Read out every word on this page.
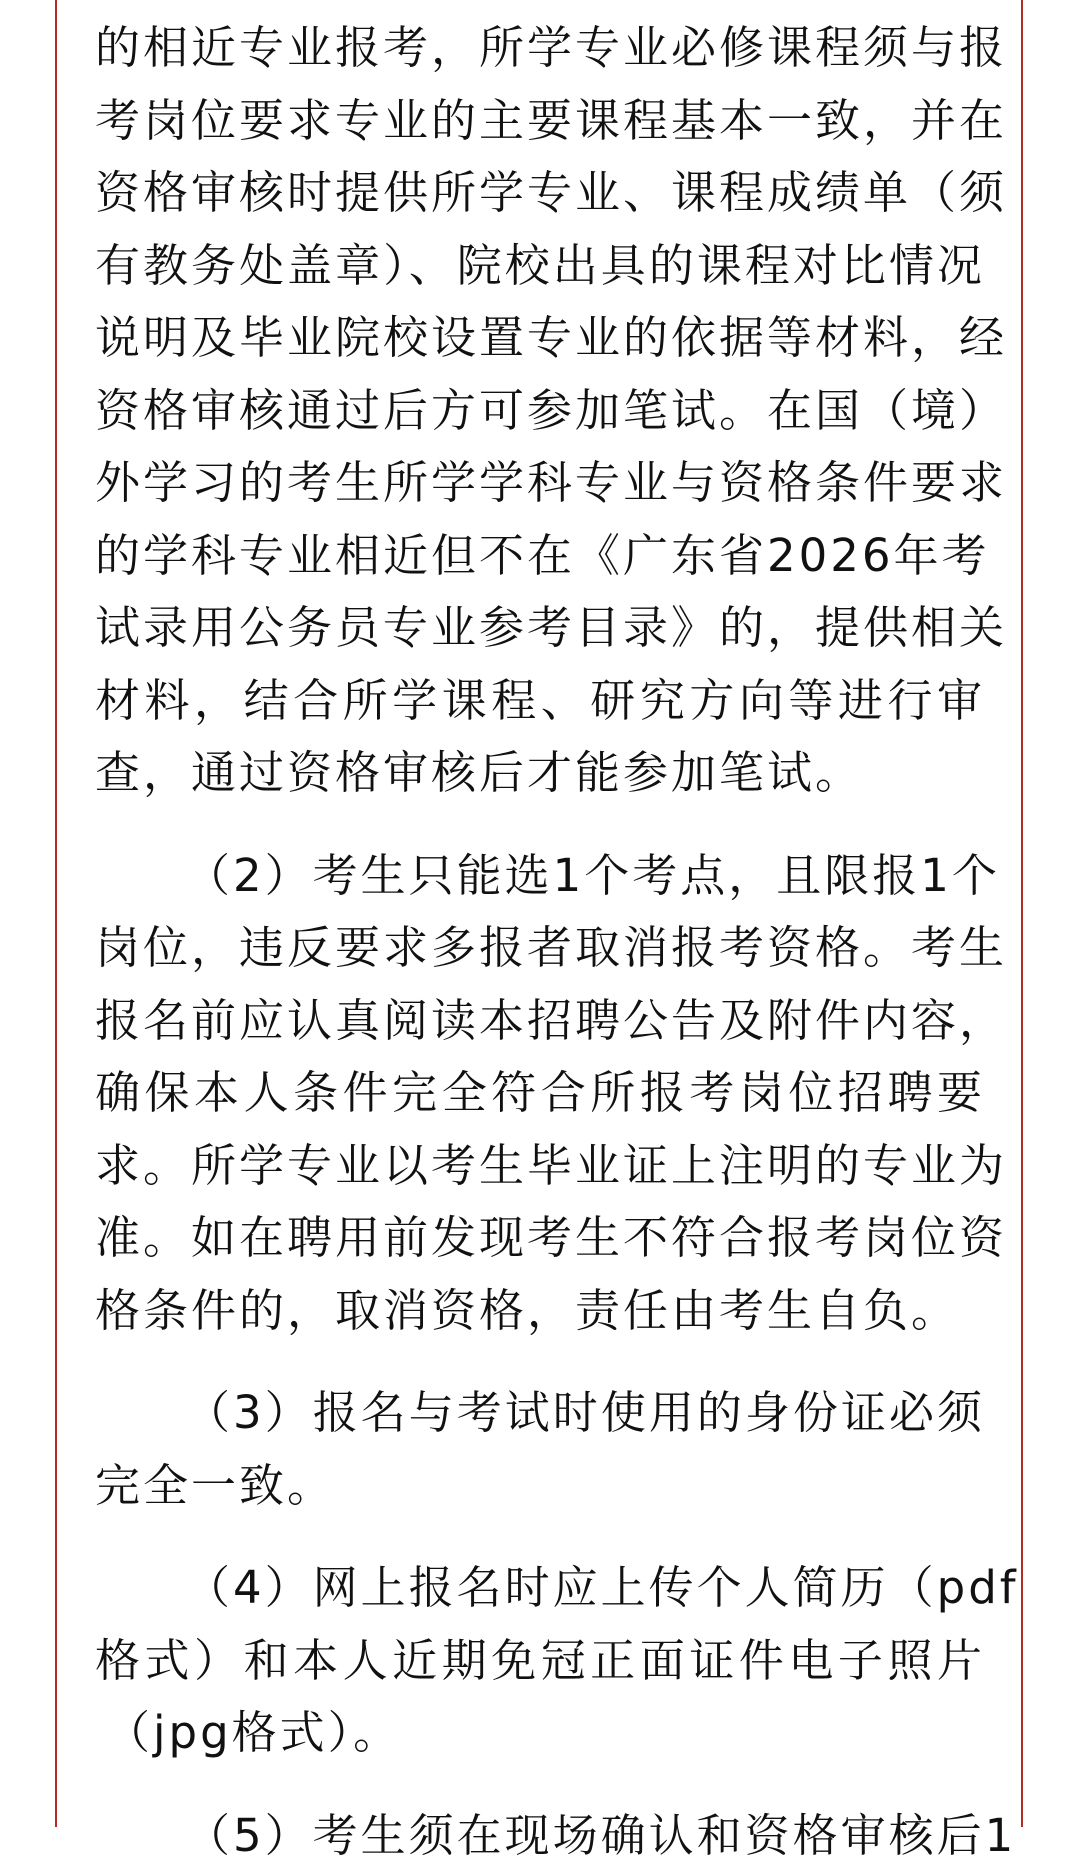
的相近专业报考，所学专业必修课程须与报
考岗位要求专业的主要课程基本一致，并在
资格审核时提供所学专业、课程成绩单（须
有教务处盖章）、院校出具的课程对比情况
说明及毕业院校设置专业的依据等材料，经
资格审核通过后方可参加笔试。在国（境）
外学习的考生所学学科专业与资格条件要求
的学科专业相近但不在《广东省2026年考
试录用公务员专业参考目录》的，提供相关
材料，结合所学课程、研究方向等进行审
查，通过资格审核后才能参加笔试。
（2）考生只能选1个考点，且限报1个
岗位，违反要求多报者取消报考资格。考生
报名前应认真阅读本招聘公告及附件内容，
确保本人条件完全符合所报考岗位招聘要
求。所学专业以考生毕业证上注明的专业为
准。如在聘用前发现考生不符合报考岗位资
格条件的，取消资格，责任由考生自负。
（3）报名与考试时使用的身份证必须
完全一致。
（4）网上报名时应上传个人简历（pdf
格式）和本人近期免冠正面证件电子照片
（jpg格式）。
（5）考生须在现场确认和资格审核后1
